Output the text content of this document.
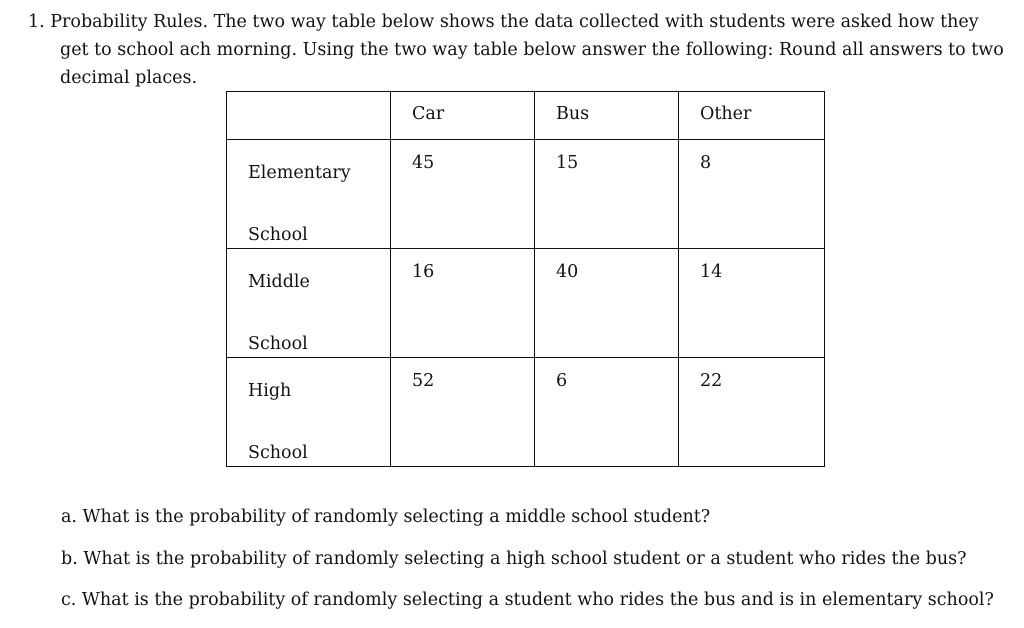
1. Probability Rules. The two way table below shows the data collected with students were asked how they
get to school ach morning. Using the two way table below answer the following: Round all answers to two
decimal places.

	Car	Bus	Other

Elementary

School	45	15	8

Middle

School	16	40	14

High

School	52	6	22
a. What is the probability of randomly selecting a middle school student?
b. What is the probability of randomly selecting a high school student or a student who rides the bus?
c. What is the probability of randomly selecting a student who rides the bus and is in elementary school?
